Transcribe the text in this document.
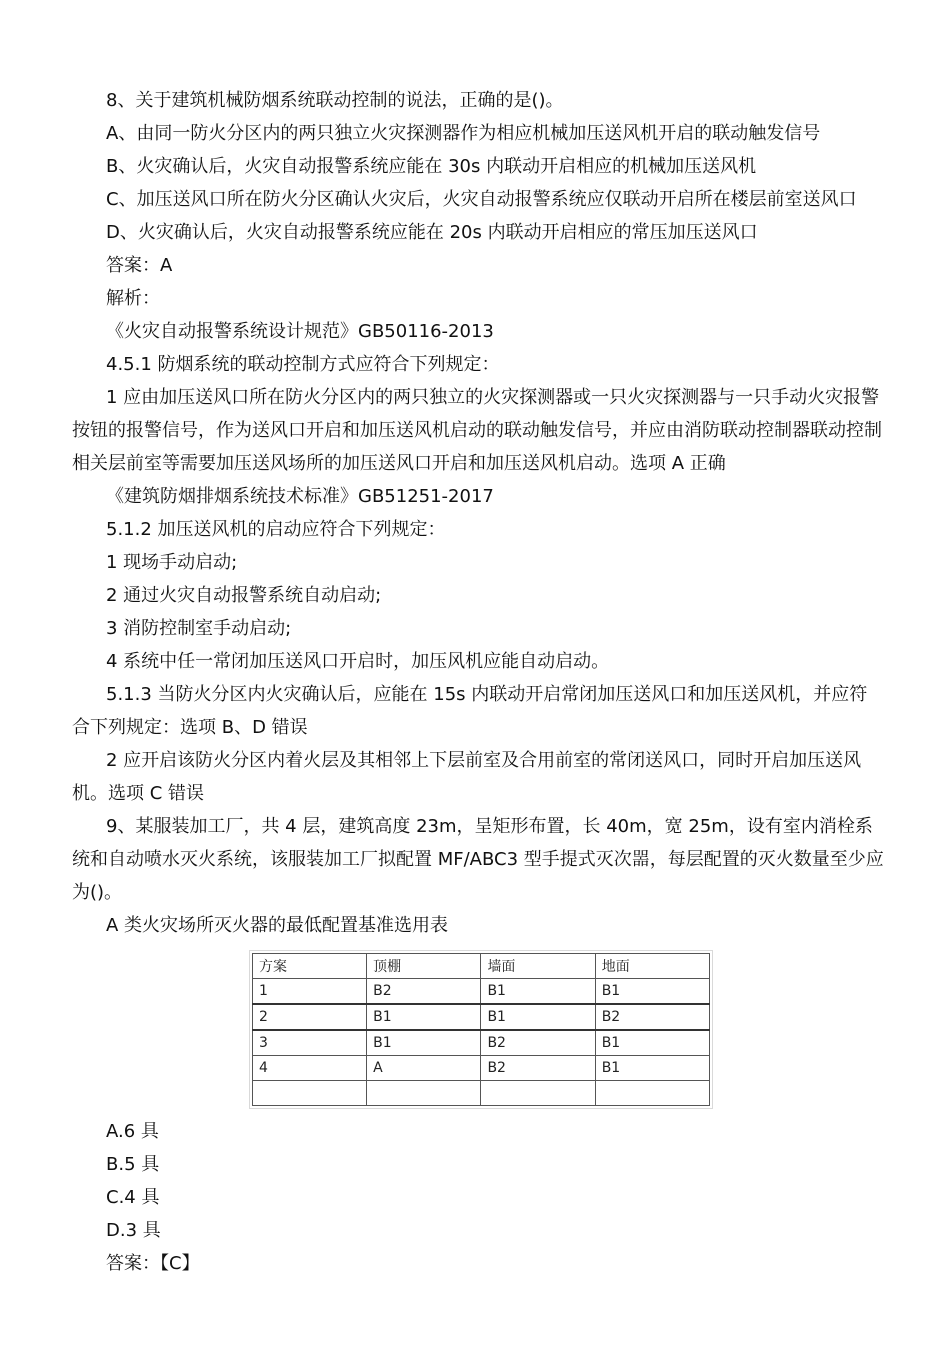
8、关于建筑机械防烟系统联动控制的说法，正确的是()。

A、由同一防火分区内的两只独立火灾探测器作为相应机械加压送风机开启的联动触发信号

B、火灾确认后，火灾自动报警系统应能在 30s 内联动开启相应的机械加压送风机

C、加压送风口所在防火分区确认火灾后，火灾自动报警系统应仅联动开启所在楼层前室送风口

D、火灾确认后，火灾自动报警系统应能在 20s 内联动开启相应的常压加压送风口

答案：A

解析：

《火灾自动报警系统设计规范》GB50116-2013

4.5.1 防烟系统的联动控制方式应符合下列规定：

1 应由加压送风口所在防火分区内的两只独立的火灾探测器或一只火灾探测器与一只手动火灾报警按钮的报警信号，作为送风口开启和加压送风机启动的联动触发信号，并应由消防联动控制器联动控制相关层前室等需要加压送风场所的加压送风口开启和加压送风机启动。选项 A 正确

《建筑防烟排烟系统技术标准》GB51251-2017

5.1.2 加压送风机的启动应符合下列规定：

1 现场手动启动;

2 通过火灾自动报警系统自动启动;

3 消防控制室手动启动;

4 系统中任一常闭加压送风口开启时，加压风机应能自动启动。

5.1.3 当防火分区内火灾确认后，应能在 15s 内联动开启常闭加压送风口和加压送风机，并应符合下列规定：选项 B、D 错误

2 应开启该防火分区内着火层及其相邻上下层前室及合用前室的常闭送风口，同时开启加压送风机。选项 C 错误

9、某服装加工厂，共 4 层，建筑高度 23m，呈矩形布置，长 40m，宽 25m，设有室内消栓系统和自动喷水灭火系统，该服装加工厂拟配置 MF/ABC3 型手提式灭次噐，每层配置的灭火数量至少应为()。

A 类火灾场所灭火器的最低配置基准选用表

方案	顶棚	墙面	地面
1	B2	B1	B1
2	B1	B1	B2
3	B1	B2	B1
4	A	B2	B1

A.6 具

B.5 具

C.4 具

D.3 具

答案：【C】
